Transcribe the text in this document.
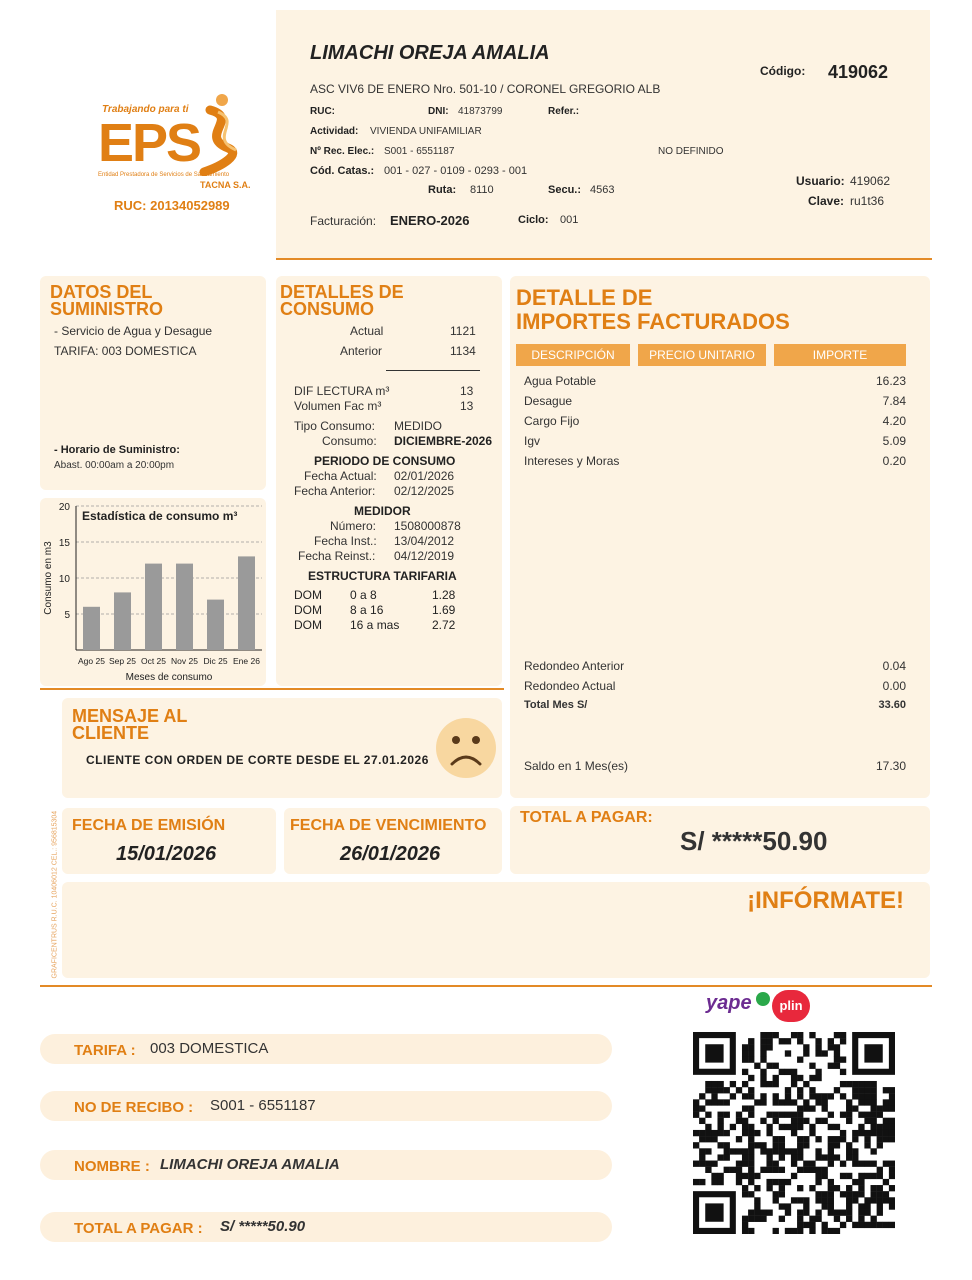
Trabajando para ti
EPS
Entidad Prestadora de Servicios de Saneamiento
TACNA S.A.
RUC: 20134052989
LIMACHI OREJA AMALIA
ASC VIV6 DE ENERO Nro. 501-10 / CORONEL GREGORIO ALB
Código: 419062
RUC:	DNI: 41873799	Refer.:
Actividad: VIVIENDA UNIFAMILIAR
Nº Rec. Elec.: S001 - 6551187	NO DEFINIDO
Cód. Catas.: 001 - 027 - 0109 - 0293 - 001
Ruta: 8110	Secu.: 4563
Usuario: 419062
Clave: ru1t36
Facturación: ENERO-2026	Ciclo: 001
DATOS DEL
SUMINISTRO
- Servicio de Agua y Desague
TARIFA: 003 DOMESTICA
- Horario de Suministro:
Abast. 00:00am a 20:00pm
5
10
15
20
Ago 25 Sep 25 Oct 25 Nov 25 Dic 25 Ene 26
Estadística de consumo m³
Meses de consumo
Consumo en m3
DETALLES DE
CONSUMO
Actual	1121
Anterior	1134
DIF LECTURA m³	13
Volumen Fac m³	13
Tipo Consumo: MEDIDO
Consumo: DICIEMBRE-2026
PERIODO DE CONSUMO
Fecha Actual: 02/01/2026
Fecha Anterior: 02/12/2025
MEDIDOR
Número: 1508000878
Fecha Inst.: 13/04/2012
Fecha Reinst.: 04/12/2019
ESTRUCTURA TARIFARIA
DOM 0 a 8	1.28
DOM 8 a 16	1.69
DOM 16 a mas	2.72
DETALLE DE
IMPORTES FACTURADOS
DESCRIPCIÓN	PRECIO UNITARIO	IMPORTE
Agua Potable	16.23
Desague	7.84
Cargo Fijo	4.20
Igv	5.09
Intereses y Moras	0.20
Redondeo Anterior	0.04
Redondeo Actual	0.00
Total Mes S/	33.60
Saldo en 1 Mes(es)	17.30
MENSAJE AL
CLIENTE
CLIENTE CON ORDEN DE CORTE DESDE EL 27.01.2026
GRAFICENTRUS R.U.C. 10406012 CEL.: 956815304 FECHA DE EMISIÓN
15/01/2026
FECHA DE VENCIMIENTO
26/01/2026
TOTAL A PAGAR:
S/ *****50.90
¡INFÓRMATE!
yape	plin
TARIFA : 003 DOMESTICA
NO DE RECIBO : S001 - 6551187
NOMBRE : LIMACHI OREJA AMALIA
TOTAL A PAGAR : S/ *****50.90
